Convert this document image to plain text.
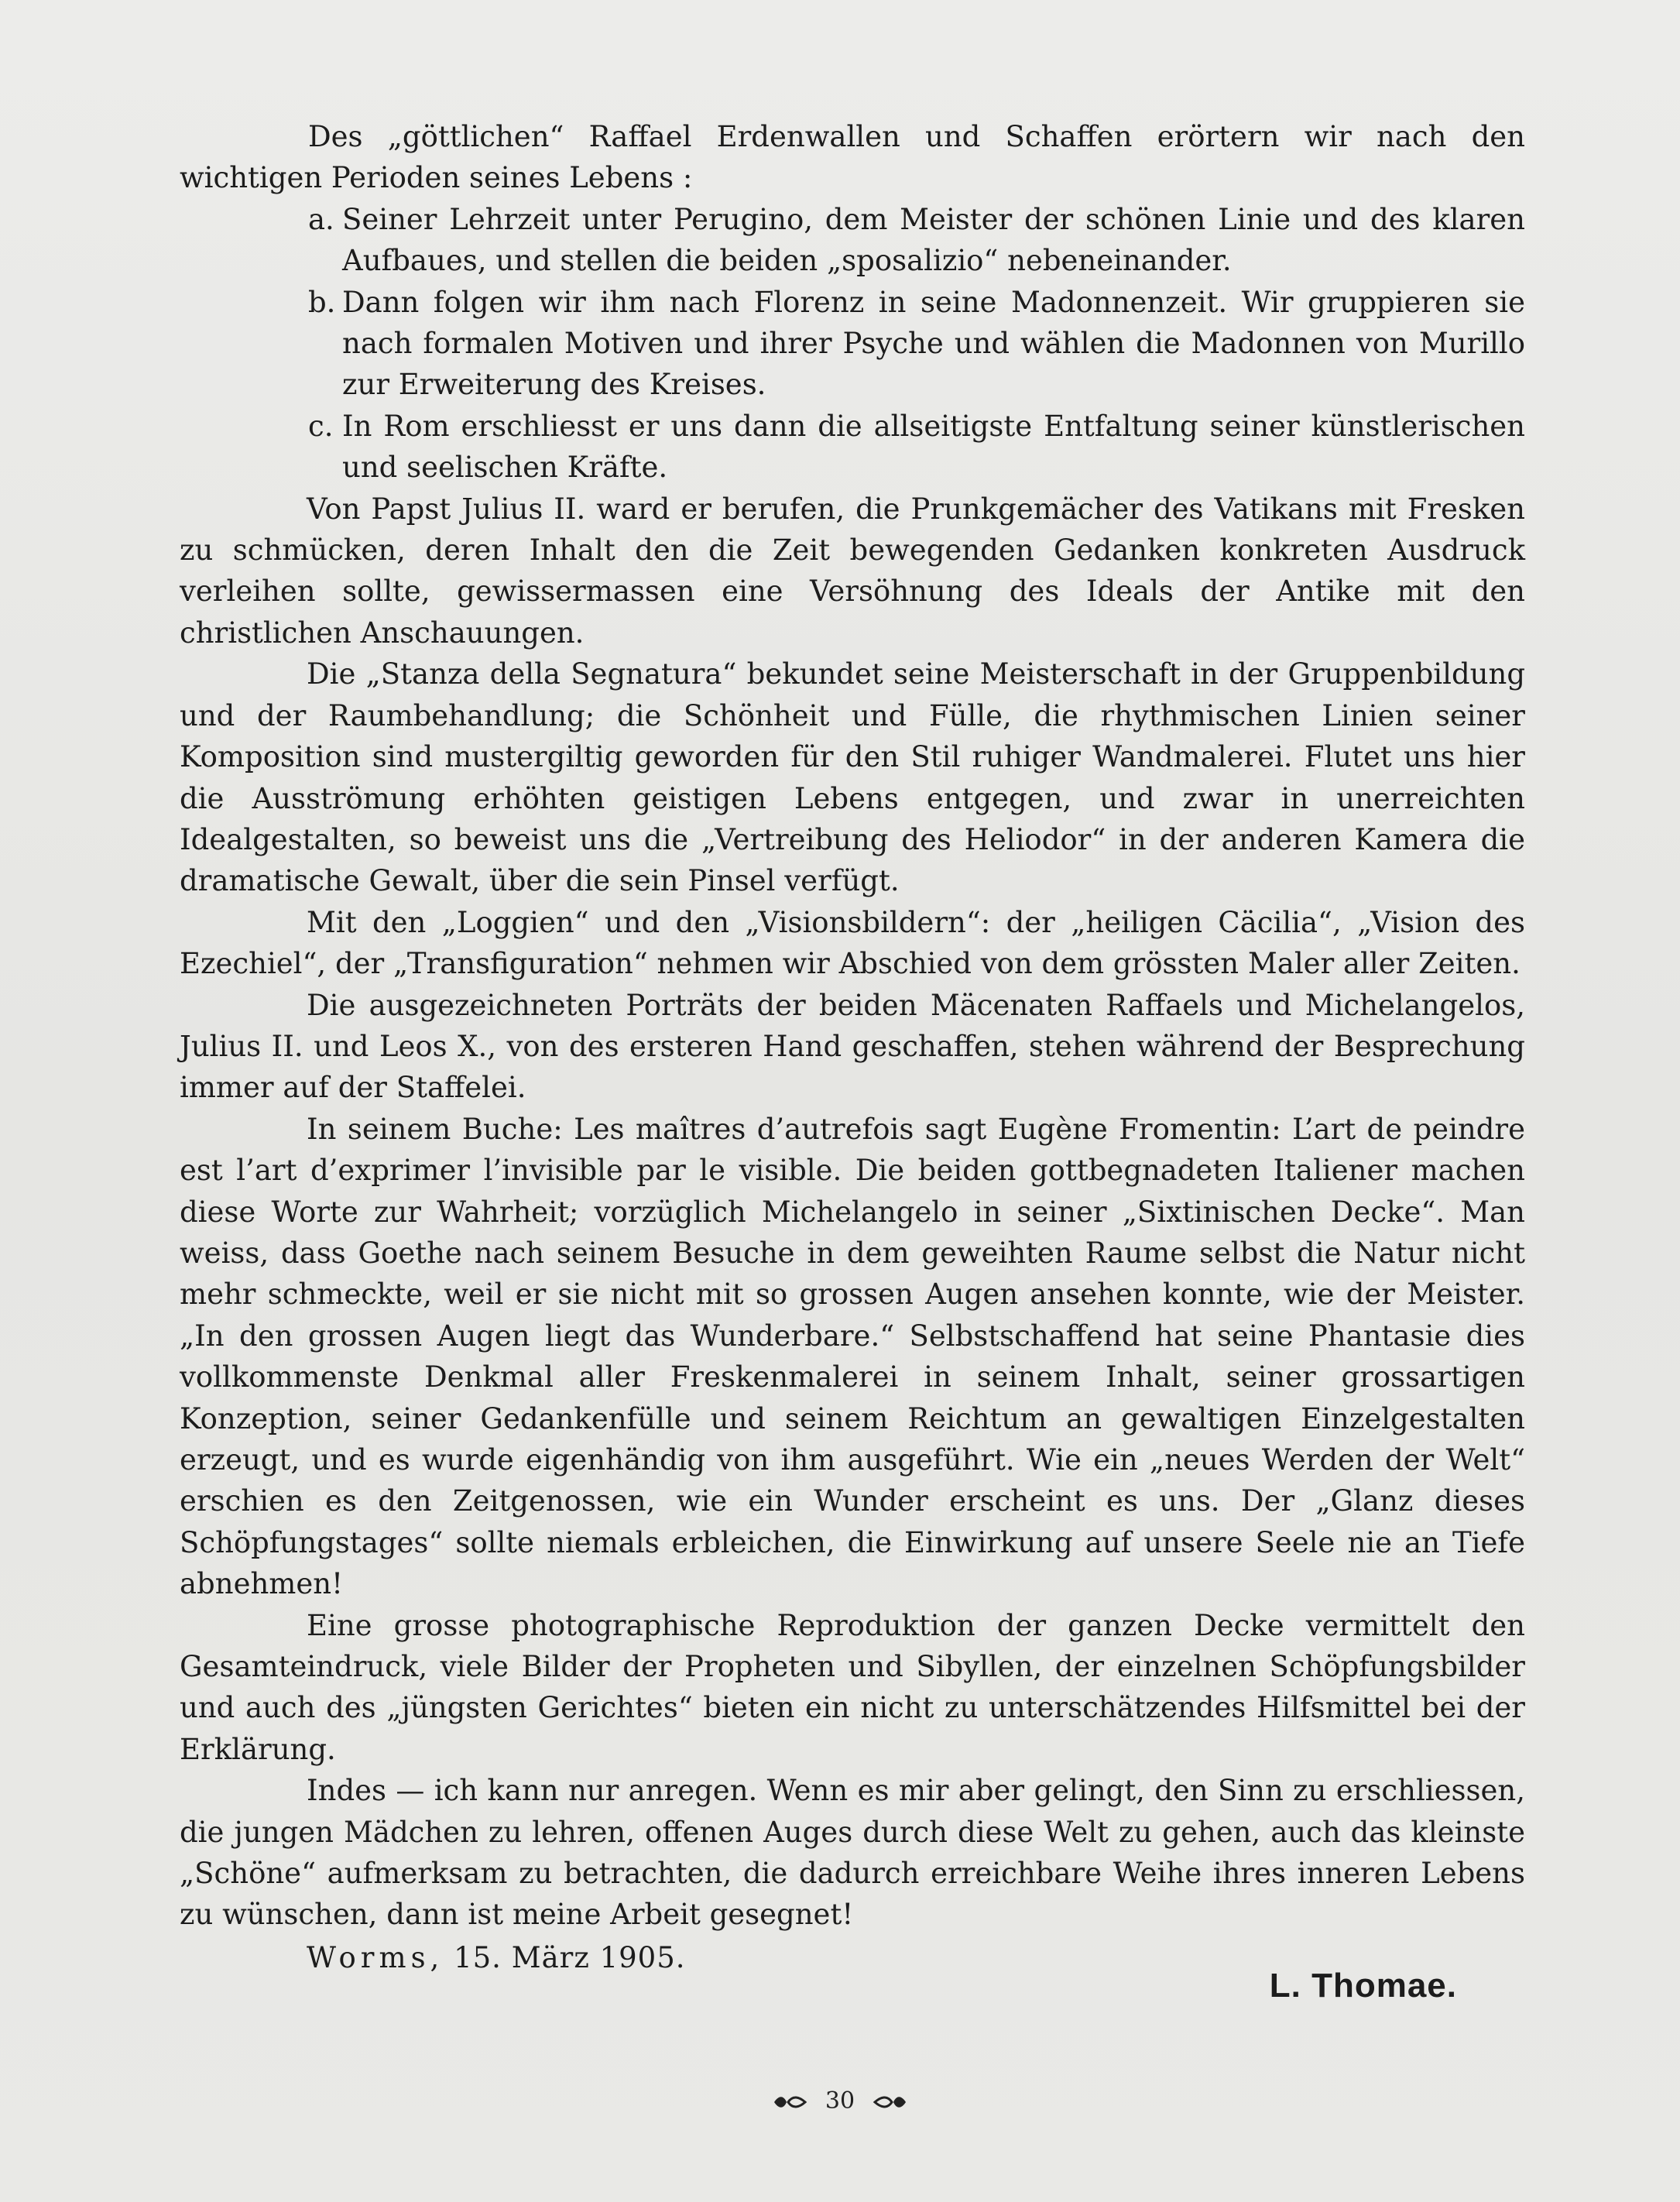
Des „göttlichen“ Raffael Erdenwallen und Schaffen erörtern wir nach den wichtigen Perioden seines Lebens :

a. Seiner Lehrzeit unter Perugino, dem Meister der schönen Linie und des klaren Aufbaues, und stellen die beiden „sposalizio“ nebeneinander.
b. Dann folgen wir ihm nach Florenz in seine Madonnenzeit. Wir gruppieren sie nach formalen Motiven und ihrer Psyche und wählen die Madonnen von Murillo zur Erweiterung des Kreises.
c. In Rom erschliesst er uns dann die allseitigste Entfaltung seiner künstlerischen und seelischen Kräfte.

Von Papst Julius II. ward er berufen, die Prunkgemächer des Vatikans mit Fresken zu schmücken, deren Inhalt den die Zeit bewegenden Gedanken konkreten Ausdruck verleihen sollte, gewissermassen eine Versöhnung des Ideals der Antike mit den christlichen Anschauungen.

Die „Stanza della Segnatura“ bekundet seine Meisterschaft in der Gruppenbildung und der Raumbehandlung; die Schönheit und Fülle, die rhythmischen Linien seiner Komposition sind mustergiltig geworden für den Stil ruhiger Wandmalerei. Flutet uns hier die Ausströmung erhöhten geistigen Lebens entgegen, und zwar in unerreichten Idealgestalten, so beweist uns die „Vertreibung des Heliodor“ in der anderen Kamera die dramatische Gewalt, über die sein Pinsel verfügt.

Mit den „Loggien“ und den „Visionsbildern“: der „heiligen Cäcilia“, „Vision des Ezechiel“, der „Transfiguration“ nehmen wir Abschied von dem grössten Maler aller Zeiten.

Die ausgezeichneten Porträts der beiden Mäcenaten Raffaels und Michelangelos, Julius II. und Leos X., von des ersteren Hand geschaffen, stehen während der Besprechung immer auf der Staffelei.

In seinem Buche: Les maîtres d’autrefois sagt Eugène Fromentin: L’art de peindre est l’art d’exprimer l’invisible par le visible. Die beiden gottbegnadeten Italiener machen diese Worte zur Wahrheit; vorzüglich Michelangelo in seiner „Sixtinischen Decke“. Man weiss, dass Goethe nach seinem Besuche in dem geweihten Raume selbst die Natur nicht mehr schmeckte, weil er sie nicht mit so grossen Augen ansehen konnte, wie der Meister. „In den grossen Augen liegt das Wunderbare.“ Selbstschaffend hat seine Phantasie dies vollkommenste Denkmal aller Freskenmalerei in seinem Inhalt, seiner grossartigen Konzeption, seiner Gedankenfülle und seinem Reichtum an gewaltigen Einzelgestalten erzeugt, und es wurde eigenhändig von ihm ausgeführt. Wie ein „neues Werden der Welt“ erschien es den Zeitgenossen, wie ein Wunder erscheint es uns. Der „Glanz dieses Schöpfungstages“ sollte niemals erbleichen, die Einwirkung auf unsere Seele nie an Tiefe abnehmen!

Eine grosse photographische Reproduktion der ganzen Decke vermittelt den Gesamteindruck, viele Bilder der Propheten und Sibyllen, der einzelnen Schöpfungsbilder und auch des „jüngsten Gerichtes“ bieten ein nicht zu unterschätzendes Hilfsmittel bei der Erklärung.

Indes — ich kann nur anregen. Wenn es mir aber gelingt, den Sinn zu erschliessen, die jungen Mädchen zu lehren, offenen Auges durch diese Welt zu gehen, auch das kleinste „Schöne“ aufmerksam zu betrachten, die dadurch erreichbare Weihe ihres inneren Lebens zu wünschen, dann ist meine Arbeit gesegnet!

Worms, 15. März 1905.
L. Thomae.
30
